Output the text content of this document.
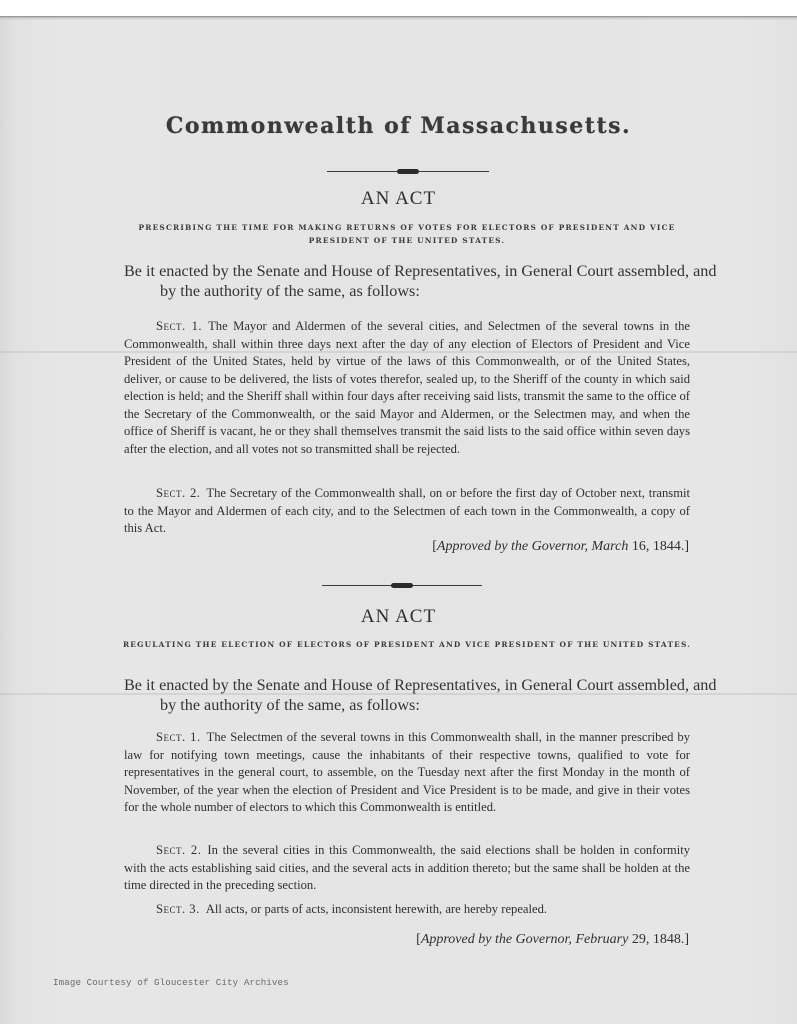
Commonwealth of Massachusetts.
AN ACT
PRESCRIBING THE TIME FOR MAKING RETURNS OF VOTES FOR ELECTORS OF PRESIDENT AND VICE PRESIDENT OF THE UNITED STATES.
Be it enacted by the Senate and House of Representatives, in General Court assembled, and by the authority of the same, as follows:
Sect. 1. The Mayor and Aldermen of the several cities, and Selectmen of the several towns in the Commonwealth, shall within three days next after the day of any election of Electors of President and Vice President of the United States, held by virtue of the laws of this Commonwealth, or of the United States, deliver, or cause to be delivered, the lists of votes therefor, sealed up, to the Sheriff of the county in which said election is held; and the Sheriff shall within four days after receiving said lists, transmit the same to the office of the Secretary of the Commonwealth, or the said Mayor and Aldermen, or the Selectmen may, and when the office of Sheriff is vacant, he or they shall themselves transmit the said lists to the said office within seven days after the election, and all votes not so transmitted shall be rejected.
Sect. 2. The Secretary of the Commonwealth shall, on or before the first day of October next, transmit to the Mayor and Aldermen of each city, and to the Selectmen of each town in the Commonwealth, a copy of this Act.
[Approved by the Governor, March 16, 1844.]
AN ACT
REGULATING THE ELECTION OF ELECTORS OF PRESIDENT AND VICE PRESIDENT OF THE UNITED STATES.
Be it enacted by the Senate and House of Representatives, in General Court assembled, and by the authority of the same, as follows:
Sect. 1. The Selectmen of the several towns in this Commonwealth shall, in the manner prescribed by law for notifying town meetings, cause the inhabitants of their respective towns, qualified to vote for representatives in the general court, to assemble, on the Tuesday next after the first Monday in the month of November, of the year when the election of President and Vice President is to be made, and give in their votes for the whole number of electors to which this Commonwealth is entitled.
Sect. 2. In the several cities in this Commonwealth, the said elections shall be holden in conformity with the acts establishing said cities, and the several acts in addition thereto; but the same shall be holden at the time directed in the preceding section.
Sect. 3. All acts, or parts of acts, inconsistent herewith, are hereby repealed.
[Approved by the Governor, February 29, 1848.]
Image Courtesy of Gloucester City Archives
